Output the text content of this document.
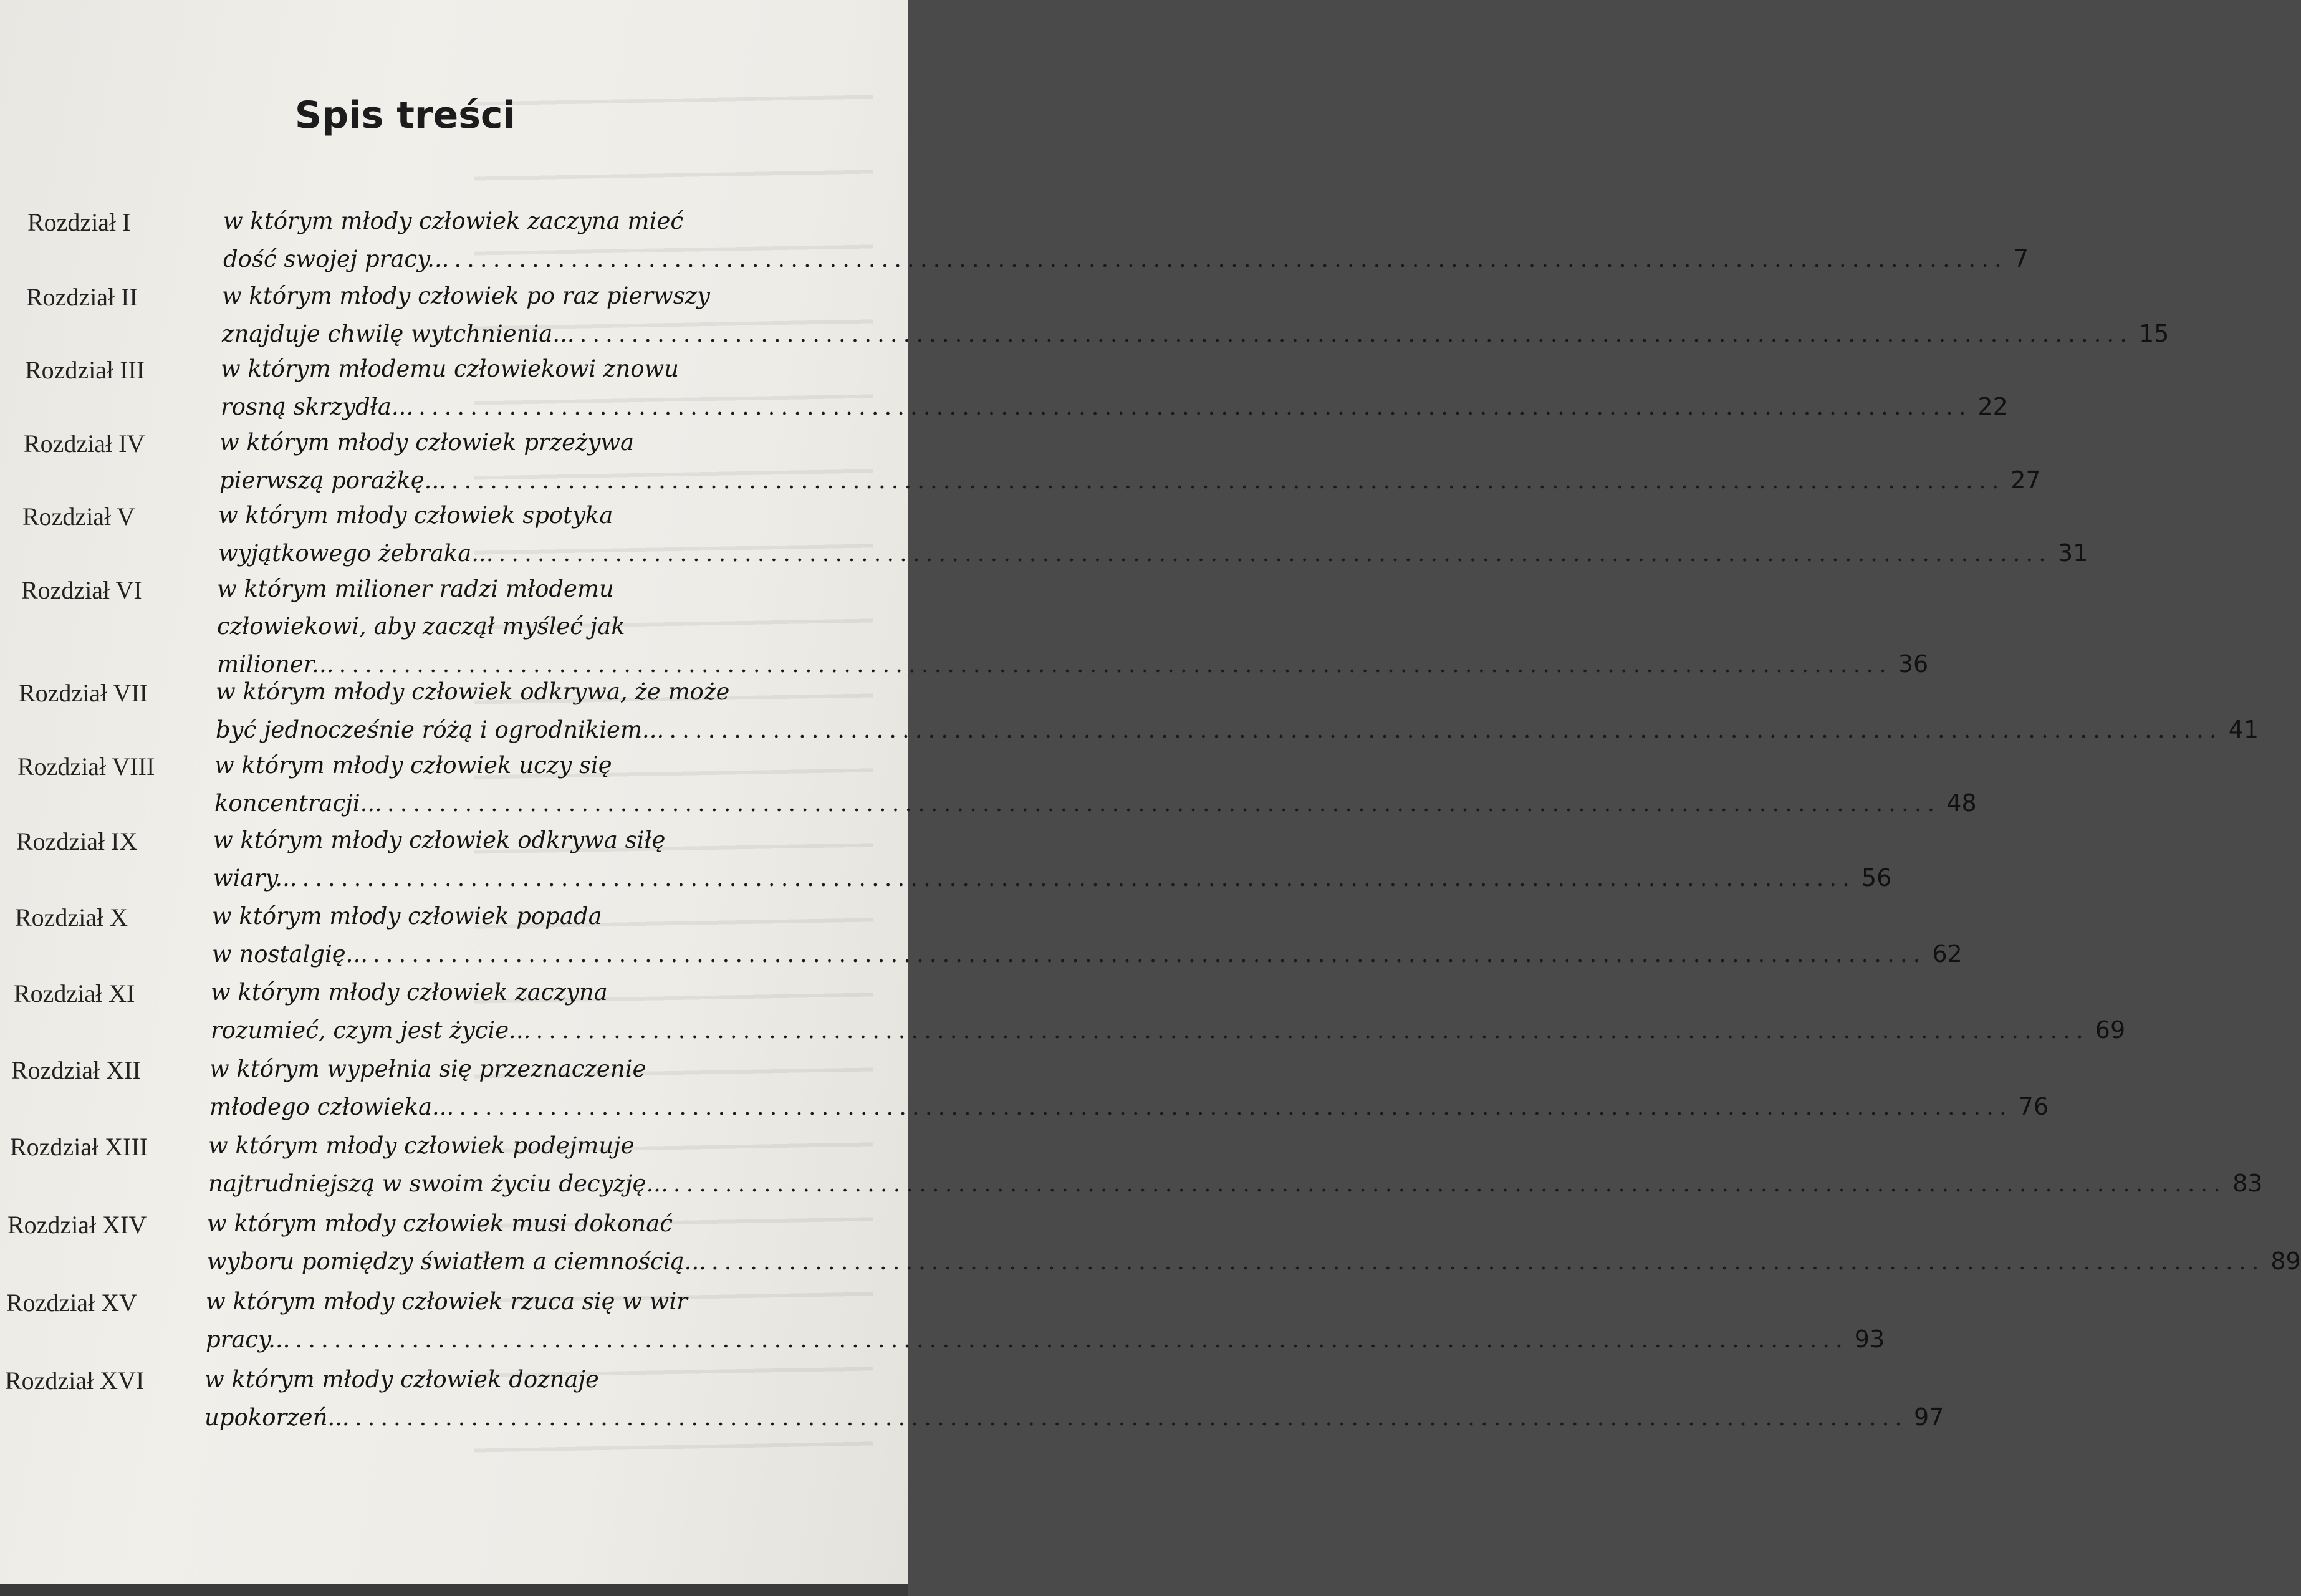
Spis treści
Rozdział I	w którym młody człowiek zaczyna mieć
dość swojej pracy... ........................................................................................................................ 7
Rozdział II	w którym młody człowiek po raz pierwszy
znajduje chwilę wytchnienia... ........................................................................................................................ 15
Rozdział III	w którym młodemu człowiekowi znowu
rosną skrzydła... ........................................................................................................................ 22
Rozdział IV	w którym młody człowiek przeżywa
pierwszą porażkę... ........................................................................................................................ 27
Rozdział V	w którym młody człowiek spotyka
wyjątkowego żebraka... ........................................................................................................................ 31
Rozdział VI	w którym milioner radzi młodemu
człowiekowi, aby zaczął myśleć jak
milioner... ........................................................................................................................ 36
Rozdział VII	w którym młody człowiek odkrywa, że może
być jednocześnie różą i ogrodnikiem... ........................................................................................................................ 41
Rozdział VIII	w którym młody człowiek uczy się
koncentracji... ........................................................................................................................ 48
Rozdział IX	w którym młody człowiek odkrywa siłę
wiary... ........................................................................................................................ 56
Rozdział X	w którym młody człowiek popada
w nostalgię... ........................................................................................................................ 62
Rozdział XI	w którym młody człowiek zaczyna
rozumieć, czym jest życie... ........................................................................................................................ 69
Rozdział XII	w którym wypełnia się przeznaczenie
młodego człowieka... ........................................................................................................................ 76
Rozdział XIII	w którym młody człowiek podejmuje
najtrudniejszą w swoim życiu decyzję... ........................................................................................................................ 83
Rozdział XIV	w którym młody człowiek musi dokonać
wyboru pomiędzy światłem a ciemnością... ........................................................................................................................ 89
Rozdział XV	w którym młody człowiek rzuca się w wir
pracy... ........................................................................................................................ 93
Rozdział XVI	w którym młody człowiek doznaje
upokorzeń... ........................................................................................................................ 97
